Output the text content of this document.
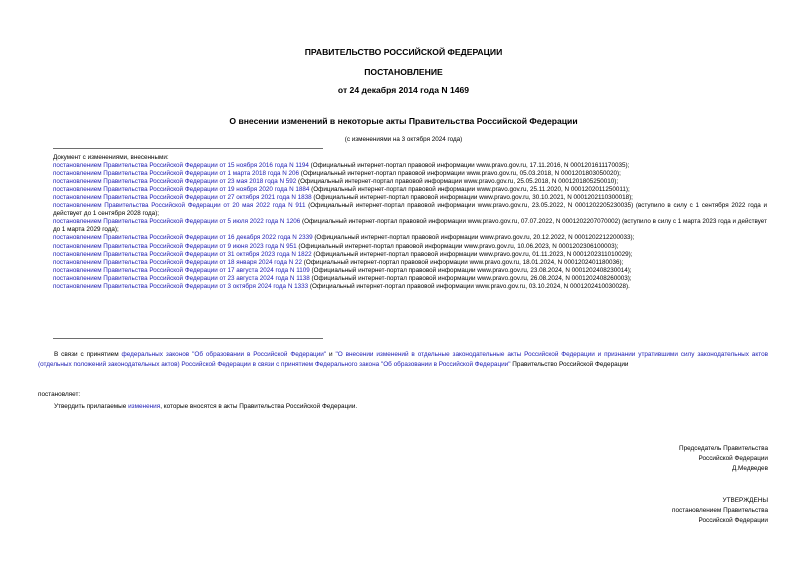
ПРАВИТЕЛЬСТВО РОССИЙСКОЙ ФЕДЕРАЦИИ
ПОСТАНОВЛЕНИЕ
от 24 декабря 2014 года N 1469
О внесении изменений в некоторые акты Правительства Российской Федерации
(с изменениями на 3 октября 2024 года)
Документ с изменениями, внесенными:
постановлением Правительства Российской Федерации от 15 ноября 2016 года N 1194 (Официальный интернет-портал правовой информации www.pravo.gov.ru, 17.11.2016, N 0001201611170035);
постановлением Правительства Российской Федерации от 1 марта 2018 года N 206 (Официальный интернет-портал правовой информации www.pravo.gov.ru, 05.03.2018, N 0001201803050020);
постановлением Правительства Российской Федерации от 23 мая 2018 года N 592 (Официальный интернет-портал правовой информации www.pravo.gov.ru, 25.05.2018, N 0001201805250010);
постановлением Правительства Российской Федерации от 19 ноября 2020 года N 1884 (Официальный интернет-портал правовой информации www.pravo.gov.ru, 25.11.2020, N 0001202011250011);
постановлением Правительства Российской Федерации от 27 октября 2021 года N 1838 (Официальный интернет-портал правовой информации www.pravo.gov.ru, 30.10.2021, N 0001202110300018);
постановлением Правительства Российской Федерации от 20 мая 2022 года N 911 (Официальный интернет-портал правовой информации www.pravo.gov.ru, 23.05.2022, N 0001202205230035) (вступило в силу с 1 сентября 2022 года и действует до 1 сентября 2028 года);
постановлением Правительства Российской Федерации от 5 июля 2022 года N 1206 (Официальный интернет-портал правовой информации www.pravo.gov.ru, 07.07.2022, N 0001202207070002) (вступило в силу с 1 марта 2023 года и действует до 1 марта 2029 года);
постановлением Правительства Российской Федерации от 16 декабря 2022 года N 2339 (Официальный интернет-портал правовой информации www.pravo.gov.ru, 20.12.2022, N 0001202212200033);
постановлением Правительства Российской Федерации от 9 июня 2023 года N 951 (Официальный интернет-портал правовой информации www.pravo.gov.ru, 10.06.2023, N 0001202306100003);
постановлением Правительства Российской Федерации от 31 октября 2023 года N 1822 (Официальный интернет-портал правовой информации www.pravo.gov.ru, 01.11.2023, N 0001202311010029);
постановлением Правительства Российской Федерации от 18 января 2024 года N 22 (Официальный интернет-портал правовой информации www.pravo.gov.ru, 18.01.2024, N 0001202401180036);
постановлением Правительства Российской Федерации от 17 августа 2024 года N 1109 (Официальный интернет-портал правовой информации www.pravo.gov.ru, 23.08.2024, N 0001202408230014);
постановлением Правительства Российской Федерации от 23 августа 2024 года N 1138 (Официальный интернет-портал правовой информации www.pravo.gov.ru, 26.08.2024, N 0001202408260003);
постановлением Правительства Российской Федерации от 3 октября 2024 года N 1333 (Официальный интернет-портал правовой информации www.pravo.gov.ru, 03.10.2024, N 0001202410030028).
В связи с принятием федеральных законов "Об образовании в Российской Федерации" и "О внесении изменений в отдельные законодательные акты Российской Федерации и признании утратившими силу законодательных актов (отдельных положений законодательных актов) Российской Федерации в связи с принятием Федерального закона "Об образовании в Российской Федерации" Правительство Российской Федерации
постановляет:
Утвердить прилагаемые изменения, которые вносятся в акты Правительства Российской Федерации.
Председатель Правительства
Российской Федерации
Д.Медведев
УТВЕРЖДЕНЫ
постановлением Правительства
Российской Федерации
